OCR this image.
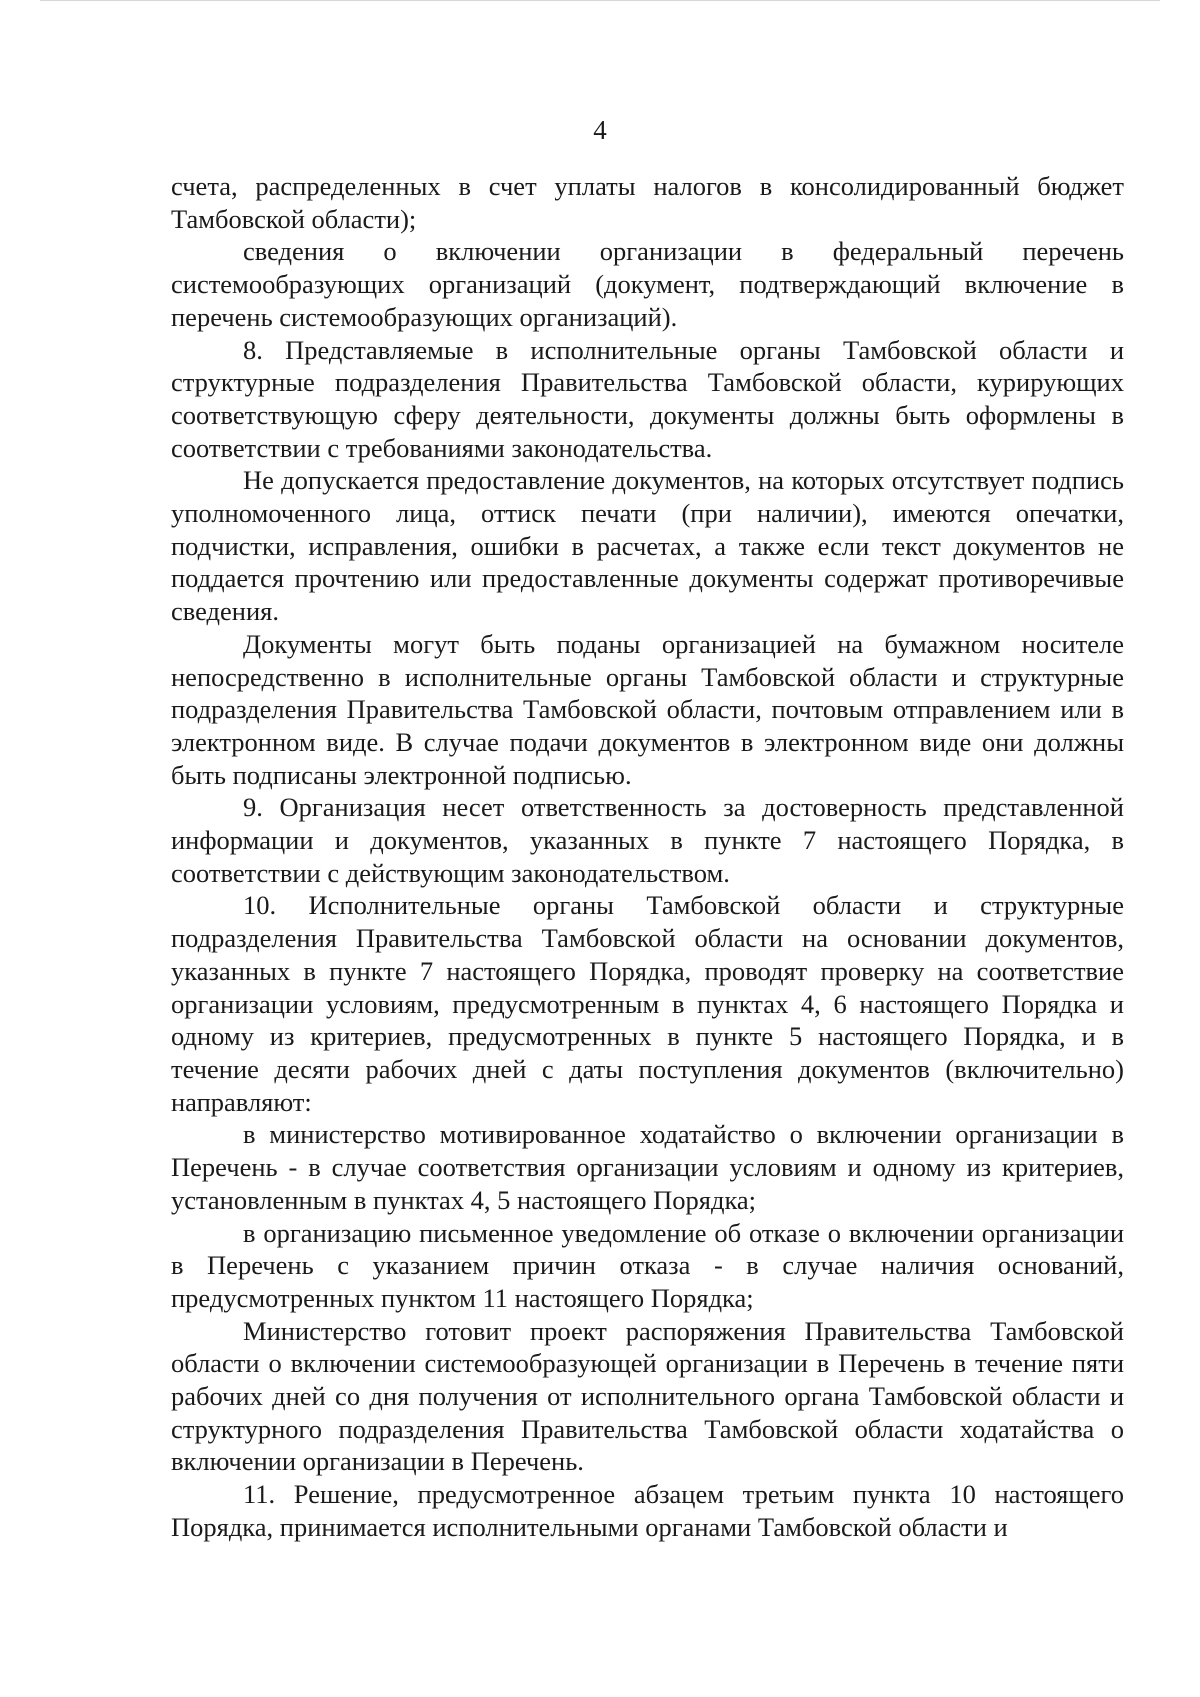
4

счета, распределенных в счет уплаты налогов в консолидированный бюджет Тамбовской области);

сведения о включении организации в федеральный перечень системообразующих организаций (документ, подтверждающий включение в перечень системообразующих организаций).

8. Представляемые в исполнительные органы Тамбовской области и структурные подразделения Правительства Тамбовской области, курирующих соответствующую сферу деятельности, документы должны быть оформлены в соответствии с требованиями законодательства.

Не допускается предоставление документов, на которых отсутствует подпись уполномоченного лица, оттиск печати (при наличии), имеются опечатки, подчистки, исправления, ошибки в расчетах, а также если текст документов не поддается прочтению или предоставленные документы содержат противоречивые сведения.

Документы могут быть поданы организацией на бумажном носителе непосредственно в исполнительные органы Тамбовской области и структурные подразделения Правительства Тамбовской области, почтовым отправлением или в электронном виде. В случае подачи документов в электронном виде они должны быть подписаны электронной подписью.

9. Организация несет ответственность за достоверность представленной информации и документов, указанных в пункте 7 настоящего Порядка, в соответствии с действующим законодательством.

10. Исполнительные органы Тамбовской области и структурные подразделения Правительства Тамбовской области на основании документов, указанных в пункте 7 настоящего Порядка, проводят проверку на соответствие организации условиям, предусмотренным в пунктах 4, 6 настоящего Порядка и одному из критериев, предусмотренных в пункте 5 настоящего Порядка, и в течение десяти рабочих дней с даты поступления документов (включительно) направляют:

в министерство мотивированное ходатайство о включении организации в Перечень - в случае соответствия организации условиям и одному из критериев, установленным в пунктах 4, 5 настоящего Порядка;

в организацию письменное уведомление об отказе о включении организации в Перечень с указанием причин отказа - в случае наличия оснований, предусмотренных пунктом 11 настоящего Порядка;

Министерство готовит проект распоряжения Правительства Тамбовской области о включении системообразующей организации в Перечень в течение пяти рабочих дней со дня получения от исполнительного органа Тамбовской области и структурного подразделения Правительства Тамбовской области ходатайства о включении организации в Перечень.

11. Решение, предусмотренное абзацем третьим пункта 10 настоящего Порядка, принимается исполнительными органами Тамбовской области и
